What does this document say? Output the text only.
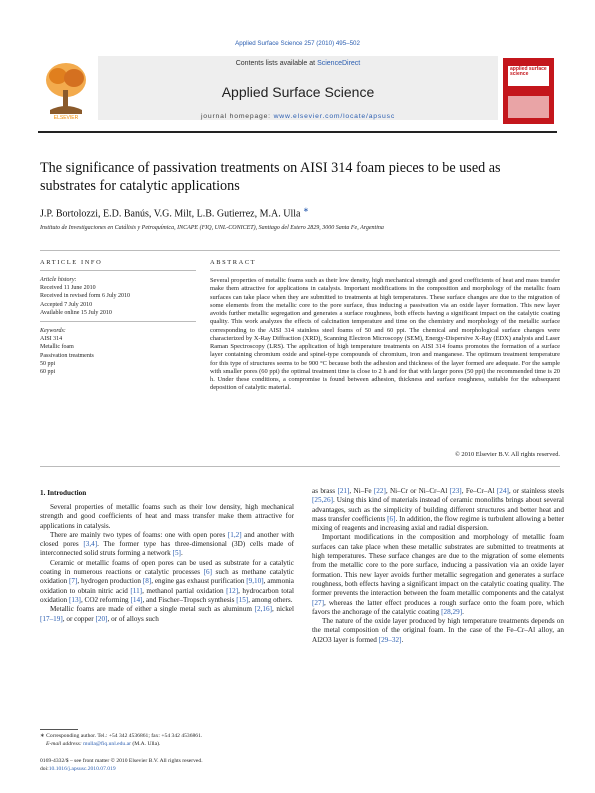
Applied Surface Science 257 (2010) 495–502
ELSEVIER
Contents lists available at ScienceDirect
Applied Surface Science
journal homepage: www.elsevier.com/locate/apsusc
applied surface science
The significance of passivation treatments on AISI 314 foam pieces to be used as substrates for catalytic applications
J.P. Bortolozzi, E.D. Banús, V.G. Milt, L.B. Gutierrez, M.A. Ulla ∗
Instituto de Investigaciones en Catálisis y Petroquímica, INCAPE (FIQ, UNL-CONICET), Santiago del Estero 2829, 3000 Santa Fe, Argentina
ARTICLE INFO	ABSTRACT
Article history:
Received 11 June 2010
Received in revised form 6 July 2010
Accepted 7 July 2010
Available online 15 July 2010
Keywords:
AISI 314
Metallic foam
Passivation treatments
50 ppi
60 ppi
Several properties of metallic foams such as their low density, high mechanical strength and good coefficients of heat and mass transfer make them attractive for applications in catalysis. Important modifications in the composition and morphology of the metallic foam surfaces can take place when they are submitted to treatments at high temperatures. These surface changes are due to the migration of some elements from the metallic core to the pore surface, thus inducing a passivation via an oxide layer formation. This new layer avoids further metallic segregation and generates a surface roughness, both effects having a significant impact on the catalytic coating quality. This work analyzes the effects of calcination temperature and time on the chemistry and morphology of the metallic surface corresponding to the AISI 314 stainless steel foams of 50 and 60 ppi. The chemical and morphological surface changes were characterized by X-Ray Diffraction (XRD), Scanning Electron Microscopy (SEM), Energy-Dispersive X-Ray (EDX) analysis and Laser Raman Spectroscopy (LRS). The application of high temperature treatments on AISI 314 foams promotes the formation of a surface layer containing chromium oxide and spinel-type compounds of chromium, iron and manganese. The optimum treatment temperature for this type of structures seems to be 900 °C because both the adhesion and thickness of the layer formed are adequate. For the sample with smaller pores (60 ppi) the optimal treatment time is close to 2 h and for that with larger pores (50 ppi) the recommended time is 20 h. Under these conditions, a compromise is found between adhesion, thickness and surface roughness, suitable for the subsequent deposition of catalytic material.
© 2010 Elsevier B.V. All rights reserved.
1. Introduction

Several properties of metallic foams such as their low density, high mechanical strength and good coefficients of heat and mass transfer make them attractive for applications in catalysis.

There are mainly two types of foams: one with open pores [1,2] and another with closed pores [3,4]. The former type has three-dimensional (3D) cells made of interconnected solid struts forming a network [5].

Ceramic or metallic foams of open pores can be used as substrate for a catalytic coating in numerous reactions or catalytic processes [6] such as methane catalytic oxidation [7], hydrogen production [8], engine gas exhaust purification [9,10], ammonia oxidation to obtain nitric acid [11], methanol partial oxidation [12], hydrocarbon total oxidation [13], CO2 reforming [14], and Fischer–Tropsch synthesis [15], among others.

Metallic foams are made of either a single metal such as aluminum [2,16], nickel [17–19], or copper [20], or of alloys such

as brass [21], Ni–Fe [22], Ni–Cr or Ni–Cr–Al [23], Fe–Cr–Al [24], or stainless steels [25,26]. Using this kind of materials instead of ceramic monoliths brings about several advantages, such as the simplicity of building different structures and better heat and mass transfer coefficients [6]. In addition, the flow regime is turbulent allowing a better mixing of reagents and increasing axial and radial dispersion.

Important modifications in the composition and morphology of metallic foam surfaces can take place when these metallic substrates are submitted to treatments at high temperatures. These surface changes are due to the migration of some elements from the metallic core to the pore surface, inducing a passivation via an oxide layer formation. This new layer avoids further metallic segregation and generates a surface roughness, both effects having a significant impact on the catalytic coating quality. The former prevents the interaction between the foam metallic components and the catalyst [27], whereas the latter effect produces a rough surface onto the foam pore, which favors the anchorage of the catalytic coating [28,29].

The nature of the oxide layer produced by high temperature treatments depends on the metal composition of the original foam. In the case of the Fe–Cr–Al alloy, an Al2O3 layer is formed [29–32].

∗ Corresponding author. Tel.: +54 342 4536861; fax: +54 342 4536861.
E-mail address: mulla@fiq.unl.edu.ar (M.A. Ulla).
0169-4332/$ – see front matter © 2010 Elsevier B.V. All rights reserved.
doi:10.1016/j.apsusc.2010.07.019
